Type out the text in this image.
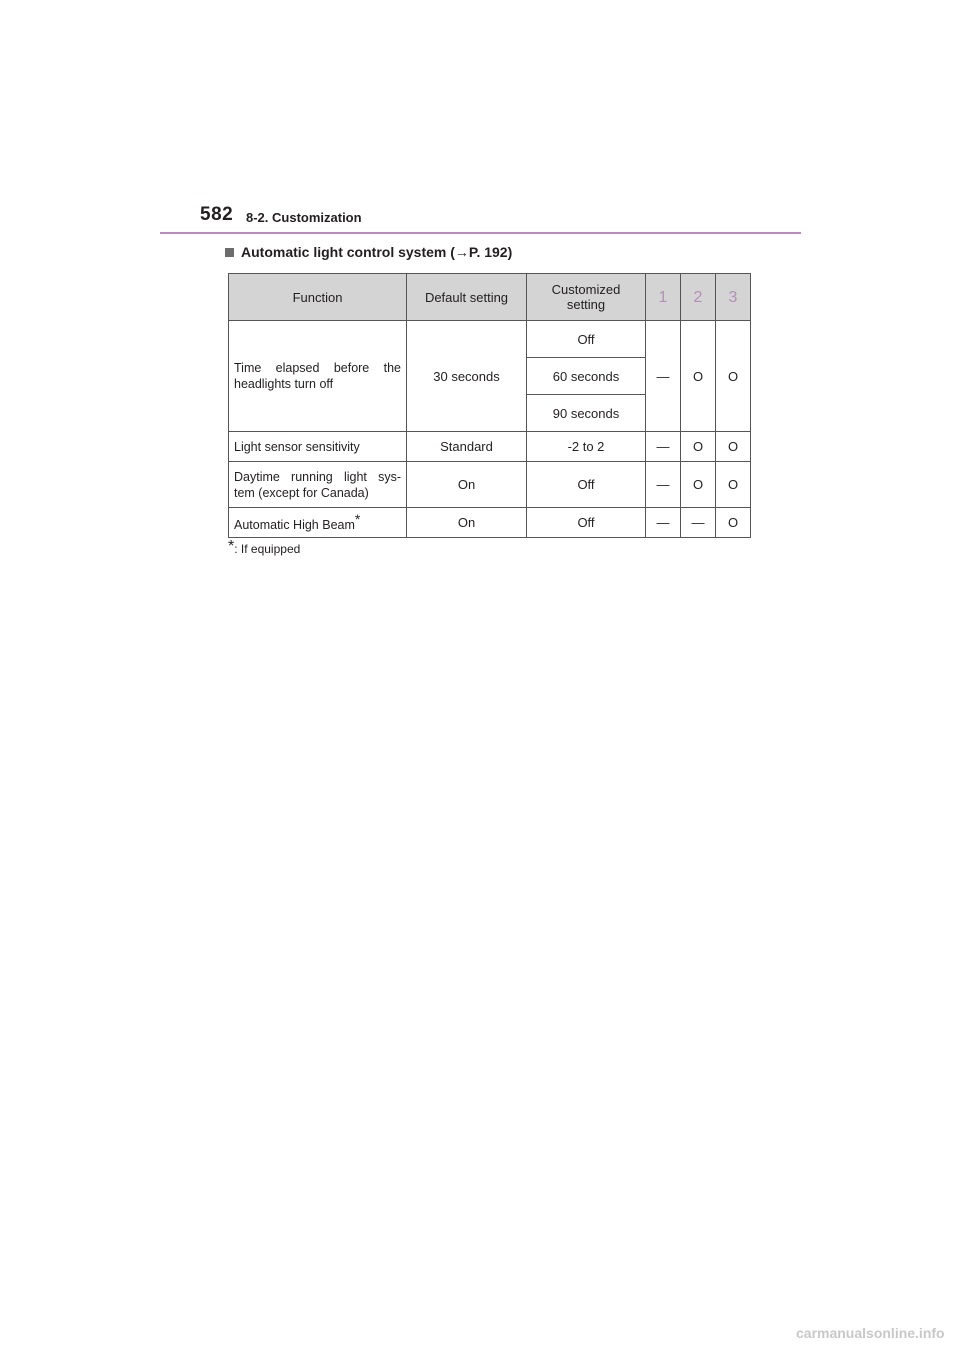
582 8-2. Customization
Automatic light control system (→P. 192)
Function	Default setting	Customized setting	1	2	3
Time elapsed before the headlights turn off	30 seconds	Off	—	O	O
		60 seconds			
		90 seconds			
Light sensor sensitivity	Standard	-2 to 2	—	O	O
Daytime running light sys- tem (except for Canada)	On	Off	—	O	O
Automatic High Beam*	On	Off	—	—	O
*: If equipped
carmanualsonline.info
